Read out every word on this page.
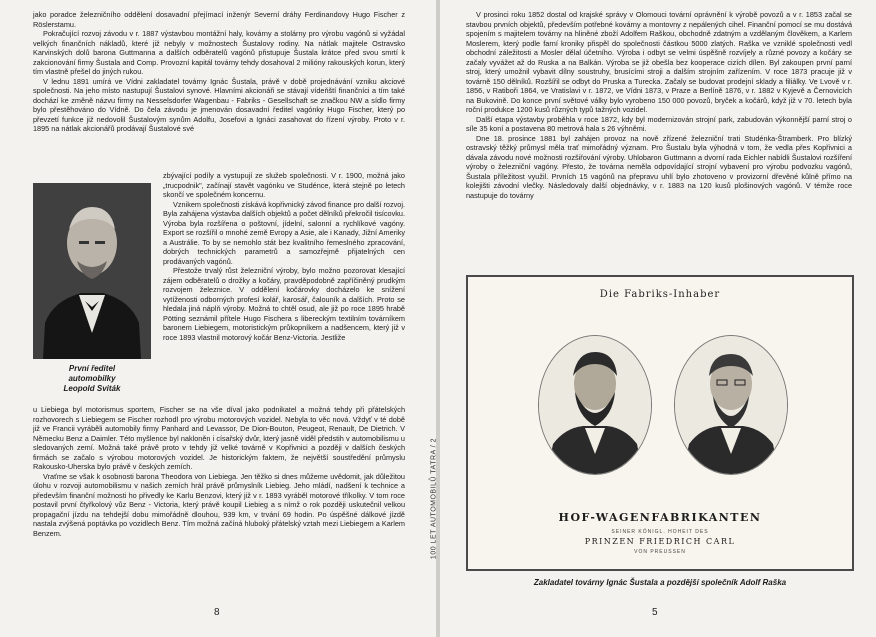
jako poradce železničního oddělení dosavadní přejímací inženýr Severní dráhy Ferdinandovy Hugo Fischer z Röslerstamu.

Pokračující rozvoj závodu v r. 1887 výstavbou montážní haly, kovárny a stolárny pro výrobu vagónů si vyžádal velkých finančních nákladů, které již nebyly v možnostech Šustalovy rodiny. Na nátlak majitele Ostravsko Karvinských dolů barona Guttmanna a dalších odběratelů vagónů přistupuje Šustala krátce před svou smrtí k zakcionování firmy Šustala and Comp. Provozní kapitál továrny tehdy dosahoval 2 milióny rakouských korun, který tím vlastně přešel do jiných rukou.

V lednu 1891 umírá ve Vídni zakladatel továrny Ignác Šustala, právě v době projednávání vzniku akciové společnosti. Na jeho místo nastupují Šustalovi synové. Hlavními akcionáři se stávají vídeňští finančníci a tím také dochází ke změně názvu firmy na Nesselsdorfer Wagenbau - Fabriks - Gesellschaft se značkou NW a sídlo firmy bylo přestěhováno do Vídně. Do čela závodu je jmenován dosavadní ředitel vagónky Hugo Fischer, který po převzetí funkce již nedovolil Šustalovým synům Adolfu, Josefovi a Ignáci zasahovat do řízení výroby. Proto v r. 1895 na nátlak akcionářů prodávají Šustalové své

První ředitel
automobilky
Leopold Sviták

zbývající podíly a vystupují ze služeb společnosti. V r. 1900, možná jako „trucpodnik", začínají stavět vagónku ve Studénce, která stejně po letech skončí ve společném koncernu.

Vznikem společnosti získává kopřivnický závod finance pro další rozvoj. Byla zahájena výstavba dalších objektů a počet dělníků překročil tisícovku. Výroba byla rozšířena o poštovní, jídelní, salonní a rychlíkové vagóny. Export se rozšířil o mnohé země Evropy a Asie, ale i Kanady, Jižní Ameriky a Austrálie. To by se nemohlo stát bez kvalitního řemeslného zpracování, dobrých technických parametrů a samozřejmě přijatelných cen prodávaných vagónů.

Přestože trvalý růst železniční výroby, bylo možno pozorovat klesající zájem odběratelů o drožky a kočáry, pravděpodobně zapříčiněný prudkým rozvojem železnice. V oddělení kočárovky docházelo ke snížení vytíženosti odborných profesí kolář, karosář, čalouník a dalších. Proto se hledala jiná náplň výroby. Možná to chtěl osud, ale již po roce 1895 hrabě Pötting seznámil přítele Hugo Fischera s libereckým textilním továrníkem baronem Liebiegem, motoristickým průkopníkem a nadšencem, který již v roce 1893 vlastnil motorový kočár Benz-Victoria. Jestliže

u Liebiega byl motorismus sportem, Fischer se na vše díval jako podnikatel a možná tehdy při přátelských rozhovorech s Liebiegem se Fischer rozhodl pro výrobu motorových vozidel. Nebyla to věc nová. Vždyť v té době již ve Francii vyráběli automobily firmy Panhard and Levassor, De Dion-Bouton, Peugeot, Renault, De Dietrich. V Německu Benz a Daimler. Této myšlence byl nakloněn i císařský dvůr, který jasně viděl předstih v automobilismu u sledovaných zemí. Možná také právě proto v tehdy již velké továrně v Kopřivnici a později v dalších českých firmách se začalo s výrobou motorových vozidel. Je historickým faktem, že největší soustředění průmyslu Rakousko-Uherska bylo právě v českých zemích.

Vraťme se však k osobnosti barona Theodora von Liebiega. Jen těžko si dnes můžeme uvědomit, jak důležitou úlohu v rozvoji automobilismu v našich zemích hrál právě průmyslník Liebieg. Jeho mládí, nadšení k technice a především finanční možnosti ho přivedly ke Karlu Benzovi, který již v r. 1893 vyráběl motorové tříkolky. V tom roce postavil první čtyřkolový vůz Benz - Victoria, který právě koupil Liebieg a s nímž o rok později uskutečnil velkou propagační jízdu na tehdejší dobu mimořádně dlouhou, 939 km, v trvání 69 hodin. Po úspěšné dálkové jízdě nastala zvýšená poptávka po vozidlech Benz. Tím možná začíná hluboký přátelský vztah mezi Liebiegem a Karlem Benzem.

8
100 LET AUTOMOBILŮ TATRA / 2

V prosinci roku 1852 dostal od krajské správy v Olomouci tovární oprávnění k výrobě povozů a v r. 1853 začal se stavbou prvních objektů, především potřebné kovárny a montovny z nepálených cihel. Finanční pomocí se mu dostává spojením s majitelem továrny na hliněné zboží Adolfem Raškou, obchodně zdatným a vzdělaným člověkem, a Karlem Moslerem, který podle farní kroniky přispěl do společnosti částkou 5000 zlatých. Raška ve vzniklé společnosti vedl obchodní záležitosti a Mosler dělal účetního. Výroba i odbyt se velmi úspěšně rozvíjely a různé povozy a kočáry se začaly vyvážet až do Ruska a na Balkán. Výroba se již obešla bez kooperace cizích dílen. Byl zakoupen první parní stroj, který umožnil vybavit dílny soustruhy, brusícími stroji a dalším strojním zařízením. V roce 1873 pracuje již v továrně 150 dělníků. Rozšířil se odbyt do Pruska a Turecka. Začaly se budovat prodejní sklady a filiálky. Ve Lvově v r. 1856, v Ratiboři 1864, ve Vratislavi v r. 1872, ve Vídni 1873, v Praze a Berlíně 1876, v r. 1882 v Kyjevě a Černovicích na Bukovině. Do konce první světové války bylo vyrobeno 150 000 povozů, bryček a kočárů, když již v 70. letech byla roční produkce 1200 kusů různých typů tažných vozidel.

Další etapa výstavby proběhla v roce 1872, kdy byl modernizován strojní park, zabudován výkonnější parní stroj o síle 35 koní a postavena 80 metrová hala s 26 výhněmi.

Dne 18. prosince 1881 byl zahájen provoz na nově zřízené železniční trati Studénka-Štramberk. Pro blízký ostravský těžký průmysl měla trať mimořádný význam. Pro Šustalu byla výhodná v tom, že vedla přes Kopřivnici a dávala závodu nové možnosti rozšiřování výroby. Uhlobaron Guttmann a dvorní rada Eichler nabídli Šustalovi rozšíření výroby o železniční vagóny. Přesto, že továrna neměla odpovídající strojní vybavení pro výrobu podvozku vagónů, Šustala příležitost využil. Prvních 15 vagónů na přepravu uhlí bylo zhotoveno v provizorní dřevěné kůlně přímo na kolejišti závodní vlečky. Následovaly další objednávky, v r. 1883 na 120 kusů plošinových vagónů. V témže roce nastupuje do továrny

Die Fabriks-Inhaber
HOF-WAGENFABRIKANTEN
SEINER KÖNIGL. HOHEIT DES
PRINZEN FRIEDRICH CARL
VON PREUSSEN
Zakladatel továrny Ignác Šustala a pozdější společník Adolf Raška
5
